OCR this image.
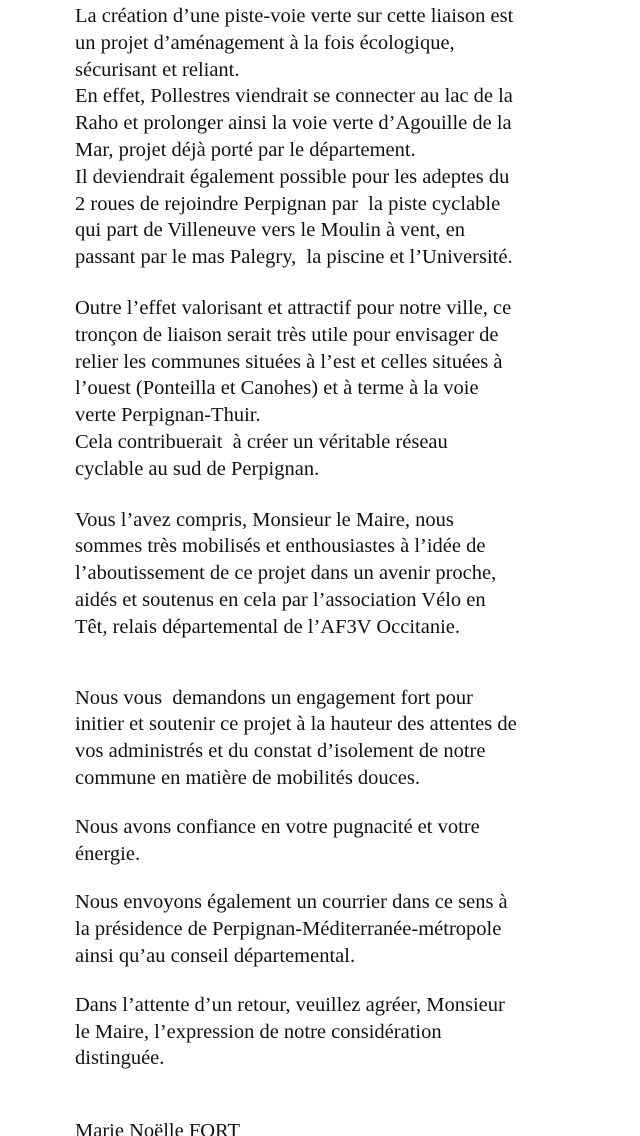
La création d’une piste-voie verte sur cette liaison est
un projet d’aménagement à la fois écologique,
sécurisant et reliant.
En effet, Pollestres viendrait se connecter au lac de la
Raho et prolonger ainsi la voie verte d’Agouille de la
Mar, projet déjà porté par le département.
Il deviendrait également possible pour les adeptes du
2 roues de rejoindre Perpignan par  la piste cyclable
qui part de Villeneuve vers le Moulin à vent, en
passant par le mas Palegry,  la piscine et l’Université.
Outre l’effet valorisant et attractif pour notre ville, ce
tronçon de liaison serait très utile pour envisager de
relier les communes situées à l’est et celles situées à
l’ouest (Ponteilla et Canohes) et à terme à la voie
verte Perpignan-Thuir.
Cela contribuerait  à créer un véritable réseau
cyclable au sud de Perpignan.
Vous l’avez compris, Monsieur le Maire, nous
sommes très mobilisés et enthousiastes à l’idée de
l’aboutissement de ce projet dans un avenir proche,
aidés et soutenus en cela par l’association Vélo en
Têt, relais départemental de l’AF3V Occitanie.
Nous vous  demandons un engagement fort pour
initier et soutenir ce projet à la hauteur des attentes de
vos administrés et du constat d’isolement de notre
commune en matière de mobilités douces.
Nous avons confiance en votre pugnacité et votre
énergie.
Nous envoyons également un courrier dans ce sens à
la présidence de Perpignan-Méditerranée-métropole
ainsi qu’au conseil départemental.
Dans l’attente d’un retour, veuillez agréer, Monsieur
le Maire, l’expression de notre considération
distinguée.
Marie Noëlle FORT
